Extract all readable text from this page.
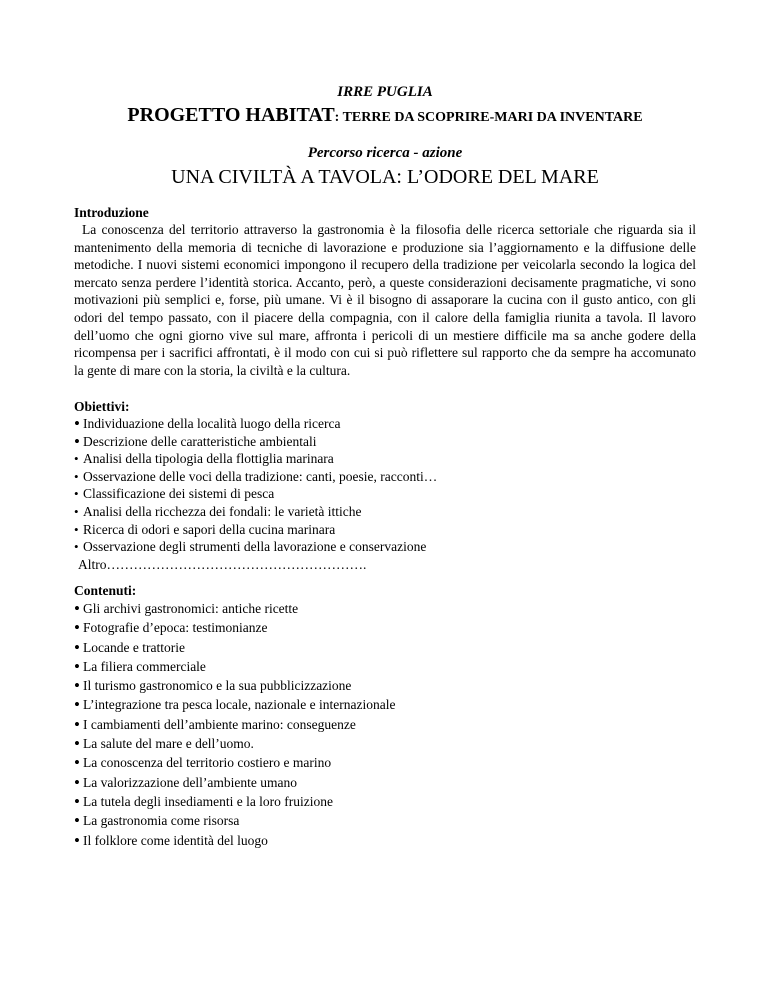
IRRE PUGLIA
PROGETTO HABITAT: TERRE DA SCOPRIRE-MARI DA INVENTARE
Percorso ricerca - azione
UNA CIVILTÀ A TAVOLA: L’ODORE DEL MARE
Introduzione
La conoscenza del territorio attraverso la gastronomia è la filosofia delle ricerca settoriale che riguarda sia il mantenimento della memoria di tecniche di lavorazione e produzione sia l’aggiornamento e la diffusione delle metodiche. I nuovi sistemi economici impongono il recupero della tradizione per veicolarla secondo la logica del mercato senza perdere l’identità storica. Accanto, però, a queste considerazioni decisamente pragmatiche, vi sono motivazioni più semplici e, forse, più umane. Vi è il bisogno di assaporare la cucina con il gusto antico, con gli odori del tempo passato, con il piacere della compagnia, con il calore della famiglia riunita a tavola. Il lavoro dell’uomo che ogni giorno vive sul mare, affronta i pericoli di un mestiere difficile ma sa anche godere della ricompensa per i sacrifici affrontati, è il modo con cui si può riflettere sul rapporto che da sempre ha accomunato la gente di mare con la storia, la civiltà e la cultura.
Obiettivi:
• Individuazione della località luogo della ricerca
• Descrizione delle caratteristiche ambientali
• Analisi della tipologia della flottiglia marinara
• Osservazione delle voci della tradizione: canti, poesie, racconti…
• Classificazione dei sistemi di pesca
• Analisi della ricchezza dei fondali: le varietà ittiche
• Ricerca di odori e sapori della cucina marinara
• Osservazione degli strumenti della lavorazione e conservazione
Altro………………………………………………….
Contenuti:
• Gli archivi gastronomici: antiche ricette
• Fotografie d’epoca: testimonianze
• Locande e trattorie
• La filiera commerciale
• Il turismo gastronomico e la sua pubblicizzazione
• L’integrazione tra pesca locale, nazionale e internazionale
• I cambiamenti dell’ambiente marino: conseguenze
• La salute del mare e dell’uomo.
• La conoscenza del territorio costiero e marino
• La valorizzazione dell’ambiente umano
• La tutela degli insediamenti e la loro fruizione
• La gastronomia come risorsa
• Il folklore come identità del luogo
